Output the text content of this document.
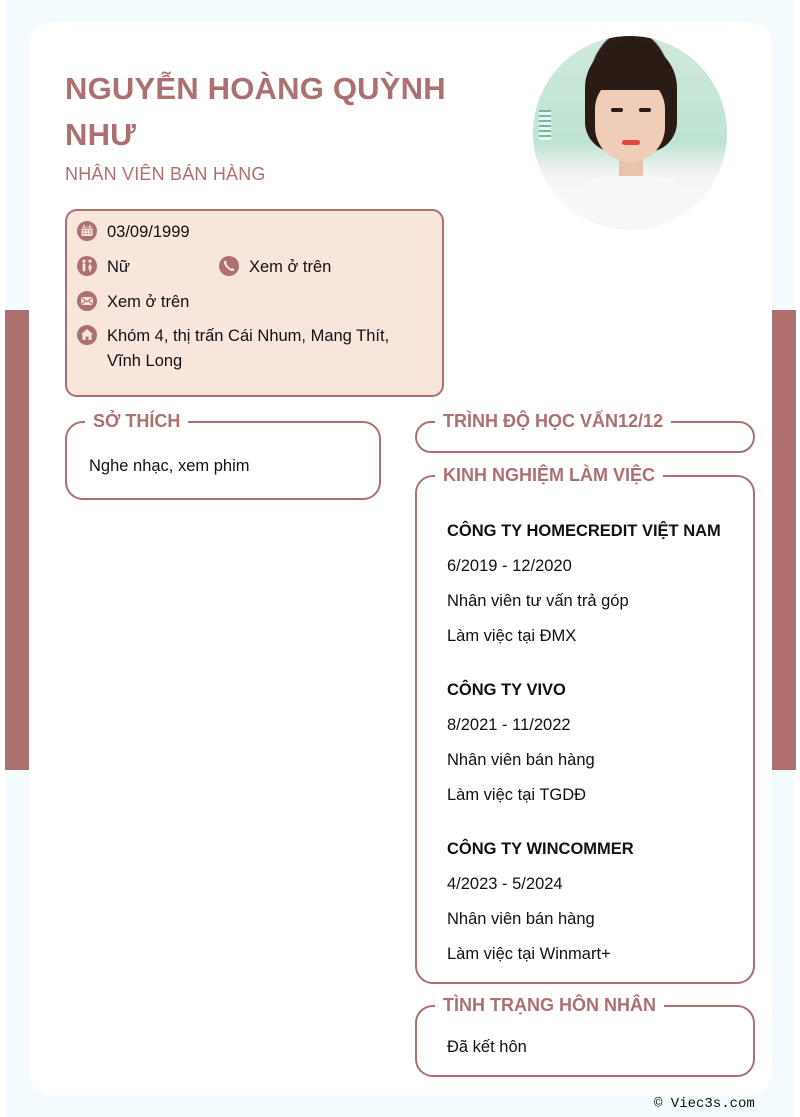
NGUYỄN HOÀNG QUỲNH NHƯ
NHÂN VIÊN BÁN HÀNG
03/09/1999
Nữ	Xem ở trên
Xem ở trên
Khóm 4, thị trấn Cái Nhum, Mang Thít, Vĩnh Long
SỞ THÍCH
Nghe nhạc, xem phim
TRÌNH ĐỘ HỌC VẤN12/12
KINH NGHIỆM LÀM VIỆC
CÔNG TY HOMECREDIT VIỆT NAM
6/2019 - 12/2020
Nhân viên tư vấn trả góp
Làm việc tại ĐMX
CÔNG TY VIVO
8/2021 - 11/2022
Nhân viên bán hàng
Làm việc tại TGDĐ
CÔNG TY WINCOMMER
4/2023 - 5/2024
Nhân viên bán hàng
Làm việc tại Winmart+
TÌNH TRẠNG HÔN NHÂN
Đã kết hôn
© Viec3s.com
